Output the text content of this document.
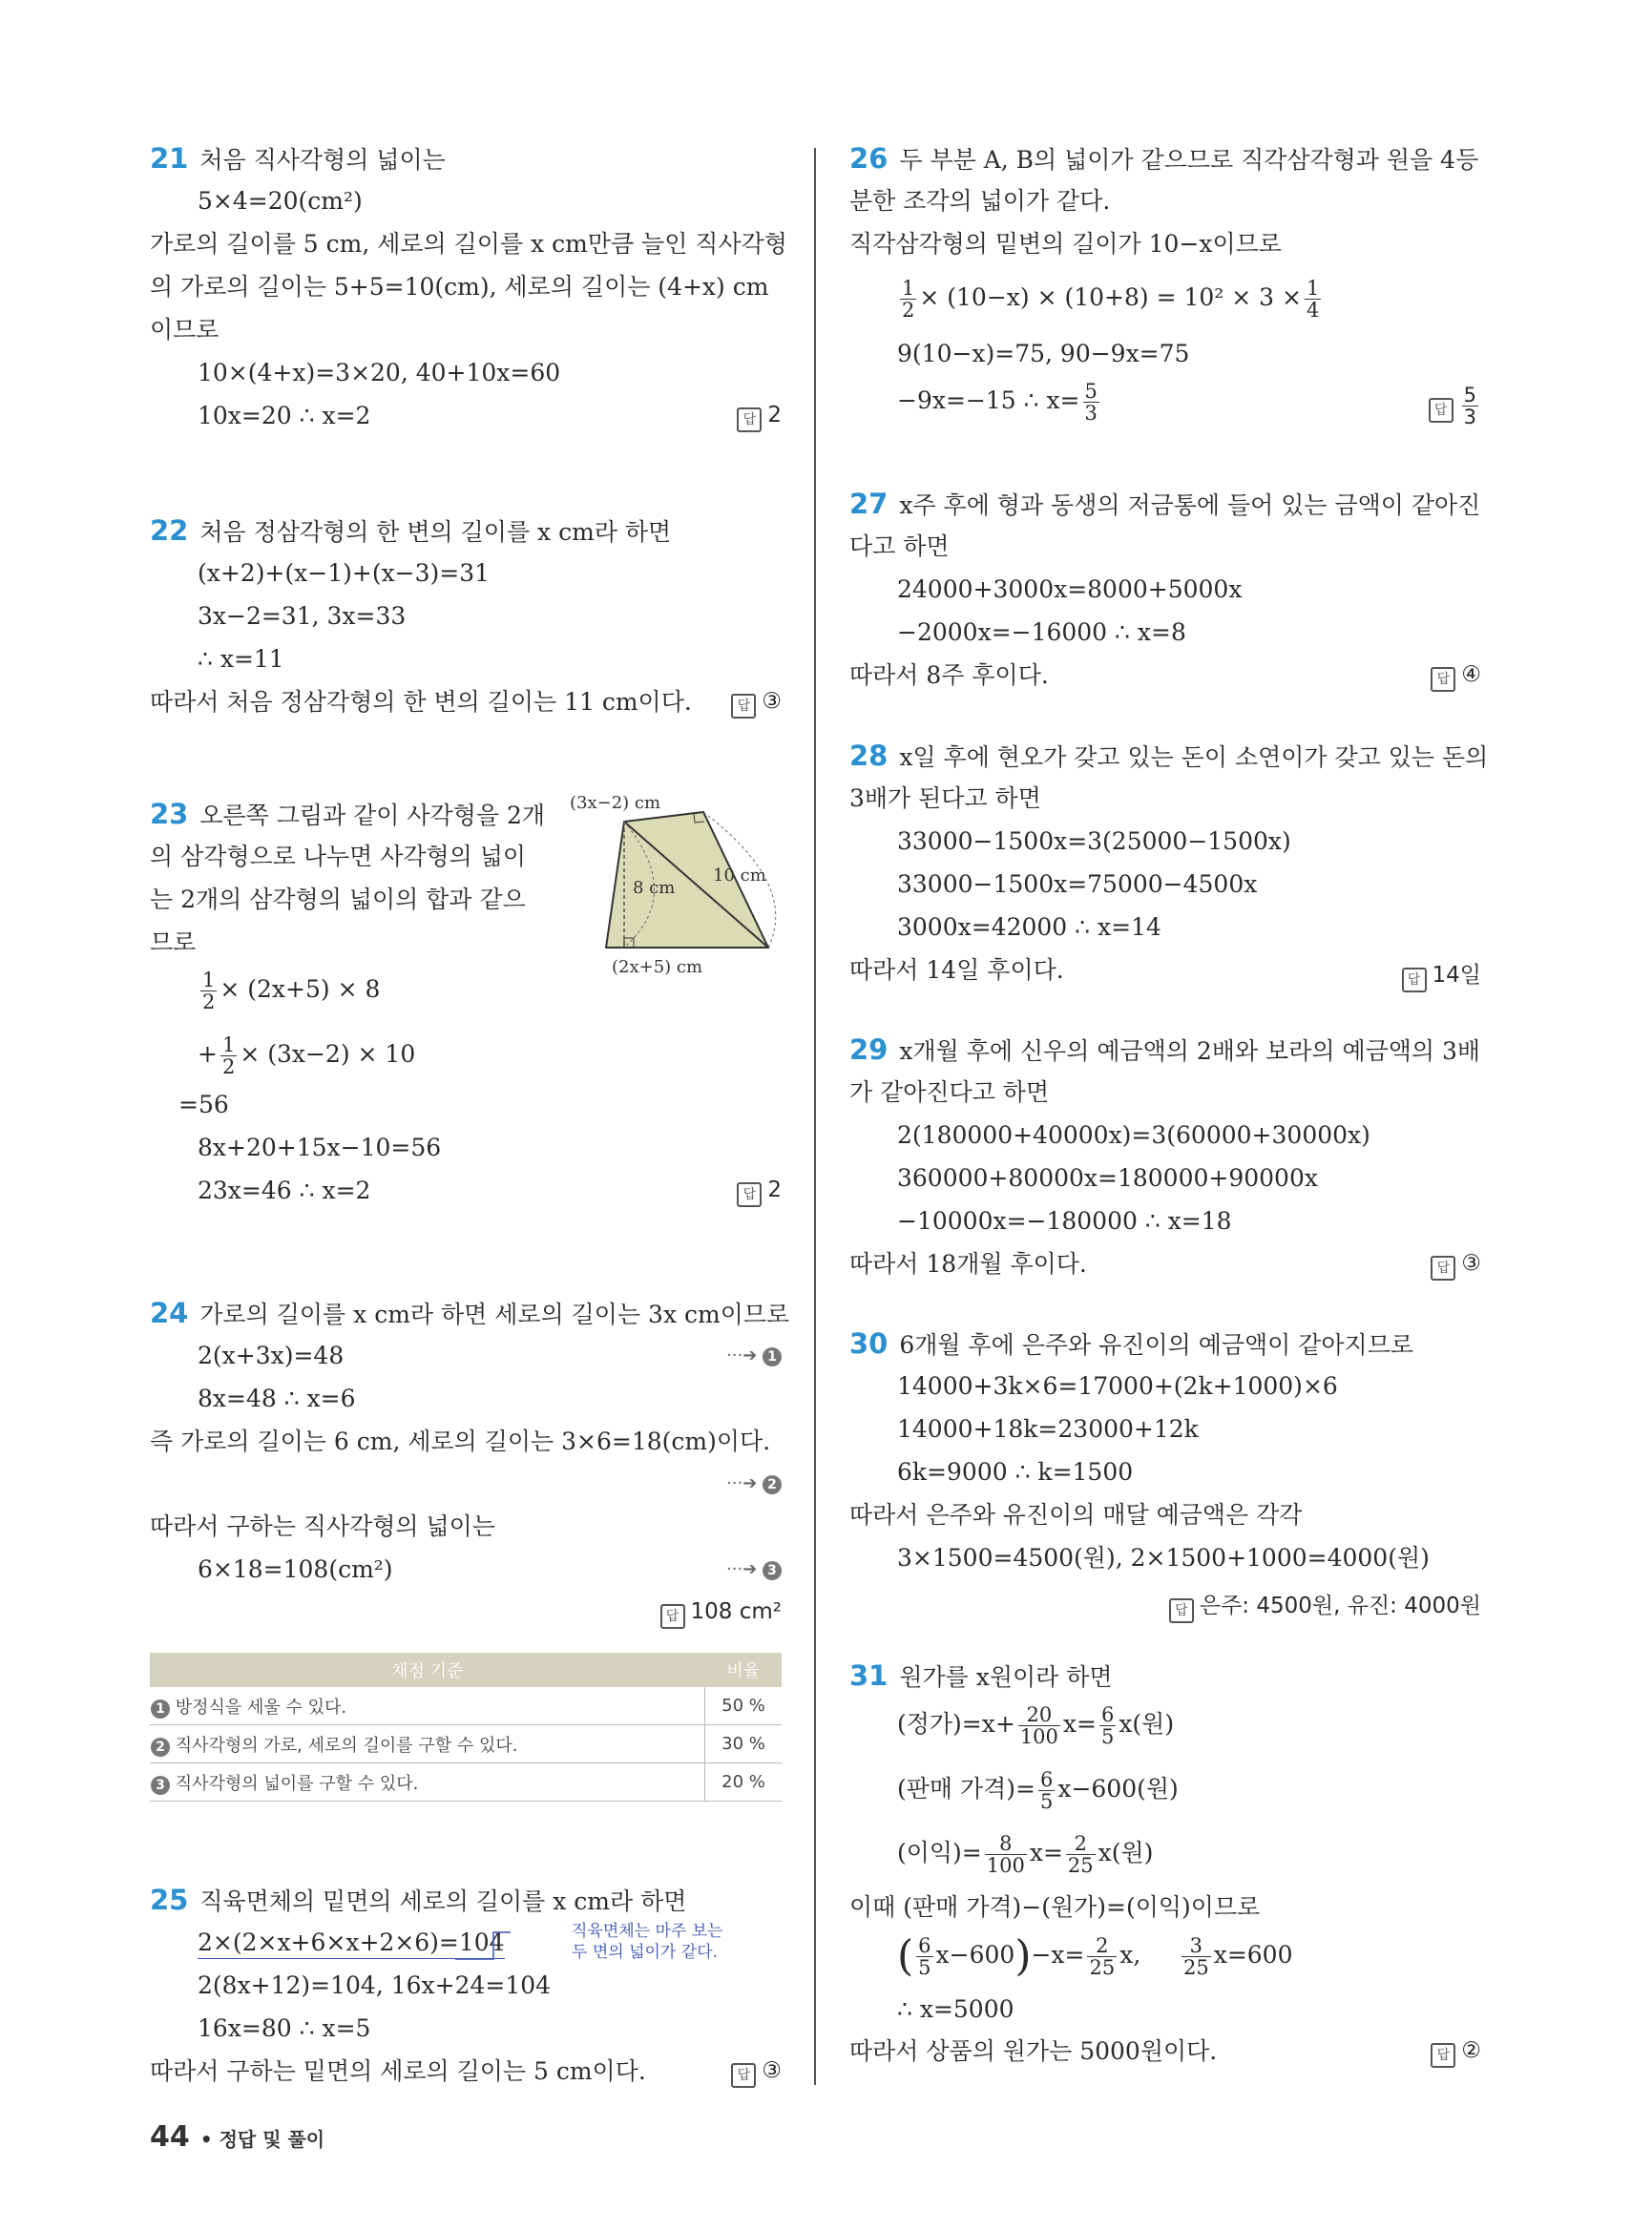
21 처음 직사각형의 넓이는
5×4=20(cm²)
가로의 길이를 5 cm, 세로의 길이를 x cm만큼 늘인 직사각형
의 가로의 길이는 5+5=10(cm), 세로의 길이는 (4+x) cm
이므로
10×(4+x)=3×20, 40+10x=60
10x=20 ∴ x=2	답 2
22 처음 정삼각형의 한 변의 길이를 x cm라 하면
(x+2)+(x−1)+(x−3)=31
3x−2=31, 3x=33
∴ x=11
따라서 처음 정삼각형의 한 변의 길이는 11 cm이다.	답 ③
23 오른쪽 그림과 같이 사각형을 2개
의 삼각형으로 나누면 사각형의 넓이
는 2개의 삼각형의 넓이의 합과 같으
므로
(3x−2) cm
10 cm
8 cm
(2x+5) cm
$\frac{1}{2} \times (2x+5) \times 8$
+ $\frac{1}{2} \times (3x-2) \times 10$
=56
8x+20+15x−10=56
23x=46 ∴ x=2	답 2
24 가로의 길이를 x cm라 하면 세로의 길이는 3x cm이므로
2(x+3x)=48	···➔ 1
8x=48 ∴ x=6
즉 가로의 길이는 6 cm, 세로의 길이는 3×6=18(cm)이다.
···➔ 2
따라서 구하는 직사각형의 넓이는
6×18=108(cm²)	···➔ 3
답 108 cm²
채점 기준	비율
1 방정식을 세울 수 있다.	50 %
2 직사각형의 가로, 세로의 길이를 구할 수 있다.	30 %
3 직사각형의 넓이를 구할 수 있다.	20 %
25 직육면체의 밑면의 세로의 길이를 x cm라 하면
2×(2×x+6×x+2×6)=104	직육면체는 마주 보는
두 면의 넓이가 같다.
2(8x+12)=104, 16x+24=104
16x=80 ∴ x=5
따라서 구하는 밑면의 세로의 길이는 5 cm이다.	답 ③
26 두 부분 A, B의 넓이가 같으므로 직각삼각형과 원을 4등
분한 조각의 넓이가 같다.
직각삼각형의 밑변의 길이가 10−x이므로
$\frac{1}{2} \times (10-x) \times (10+8) = 10^2 \times 3 \times \frac{1}{4}$
9(10−x)=75, 90−9x=75
−9x=−15 ∴ $x= \frac{5}{3}$	답 $\frac{5}{3}$
27 x주 후에 형과 동생의 저금통에 들어 있는 금액이 같아진
다고 하면
24000+3000x=8000+5000x
−2000x=−16000 ∴ x=8
따라서 8주 후이다.	답 ④
28 x일 후에 현오가 갖고 있는 돈이 소연이가 갖고 있는 돈의
3배가 된다고 하면
33000−1500x=3(25000−1500x)
33000−1500x=75000−4500x
3000x=42000 ∴ x=14
따라서 14일 후이다.	답 14일
29 x개월 후에 신우의 예금액의 2배와 보라의 예금액의 3배
가 같아진다고 하면
2(180000+40000x)=3(60000+30000x)
360000+80000x=180000+90000x
−10000x=−180000 ∴ x=18
따라서 18개월 후이다.	답 ③
30 6개월 후에 은주와 유진이의 예금액이 같아지므로
14000+3k×6=17000+(2k+1000)×6
14000+18k=23000+12k
6k=9000 ∴ k=1500
따라서 은주와 유진이의 매달 예금액은 각각
3×1500=4500(원), 2×1500+1000=4000(원)
답 은주: 4500원, 유진: 4000원
31 원가를 x원이라 하면
(정가)$=x+ \frac{20}{100} x= \frac{6}{5} x$(원)
(판매 가격)= $\frac{6}{5} x-600$(원)
(이익)= $\frac{8}{100} x= \frac{2}{25} x$(원)
이때 (판매 가격)−(원가)=(이익)이므로
( $\frac{6}{5} x-600)-x= \frac{2}{25} x$, $\frac{3}{25} x=600$
∴ x=5000
따라서 상품의 원가는 5000원이다.	답 ②
44 • 정답 및 풀이
